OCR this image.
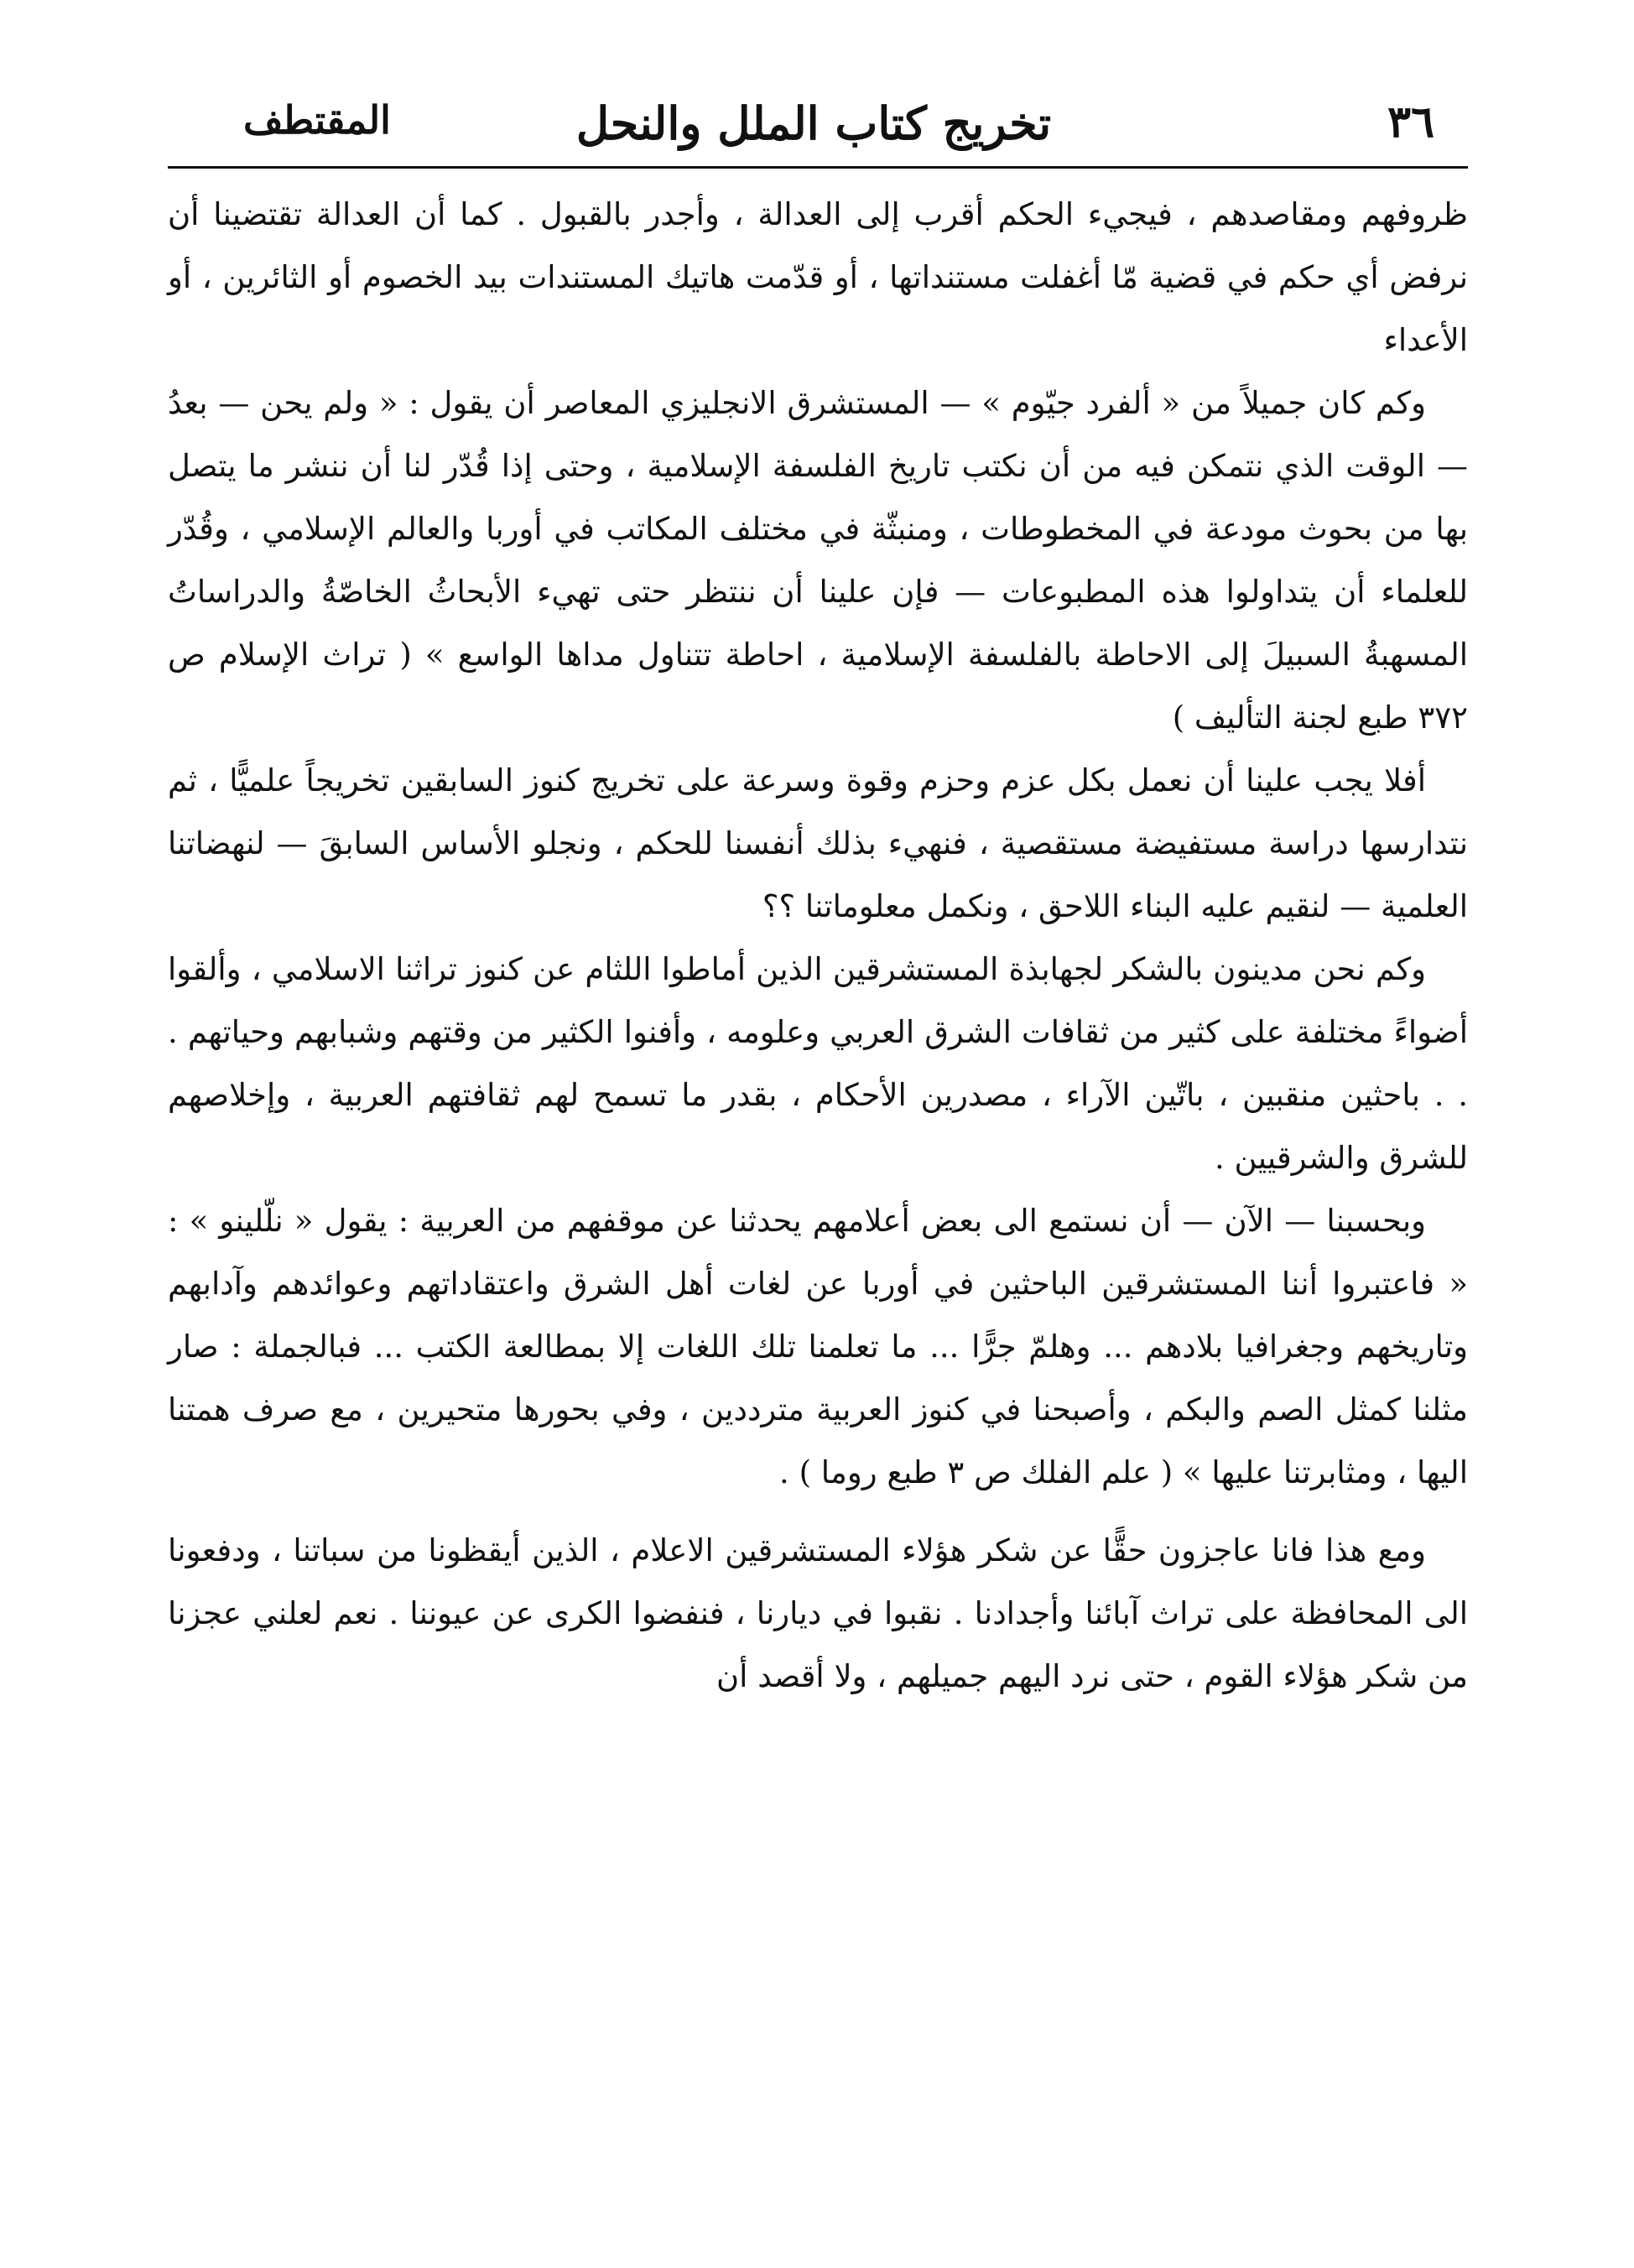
٣٦
تخريج كتاب الملل والنحل
المقتطف

ظروفهم ومقاصدهم ، فيجيء الحكم أقرب إلى العدالة ، وأجدر بالقبول . كما أن العدالة تقتضينا أن نرفض أي حكم في قضية مّا أغفلت مستنداتها ، أو قدّمت هاتيك المستندات بيد الخصوم أو الثائرين ، أو الأعداء

وكم كان جميلاً من « ألفرد جيّوم » — المستشرق الانجليزي المعاصر أن يقول : « ولم يحن — بعدُ — الوقت الذي نتمكن فيه من أن نكتب تاريخ الفلسفة الإسلامية ، وحتى إذا قُدّر لنا أن ننشر ما يتصل بها من بحوث مودعة في المخطوطات ، ومنبثّة في مختلف المكاتب في أوربا والعالم الإسلامي ، وقُدّر للعلماء أن يتداولوا هذه المطبوعات — فإن علينا أن ننتظر حتى تهيء الأبحاثُ الخاصّةُ والدراساتُ المسهبةُ السبيلَ إلى الاحاطة بالفلسفة الإسلامية ، احاطة تتناول مداها الواسع » ( تراث الإسلام ص ٣٧٢ طبع لجنة التأليف )

أفلا يجب علينا أن نعمل بكل عزم وحزم وقوة وسرعة على تخريج كنوز السابقين تخريجاً علميًّا ، ثم نتدارسها دراسة مستفيضة مستقصية ، فنهيء بذلك أنفسنا للحكم ، ونجلو الأساس السابقَ — لنهضاتنا العلمية — لنقيم عليه البناء اللاحق ، ونكمل معلوماتنا ؟؟

وكم نحن مدينون بالشكر لجهابذة المستشرقين الذين أماطوا اللثام عن كنوز تراثنا الاسلامي ، وألقوا أضواءً مختلفة على كثير من ثقافات الشرق العربي وعلومه ، وأفنوا الكثير من وقتهم وشبابهم وحياتهم . . . باحثين منقبين ، باتّين الآراء ، مصدرين الأحكام ، بقدر ما تسمح لهم ثقافتهم العربية ، وإخلاصهم للشرق والشرقيين .

وبحسبنا — الآن — أن نستمع الى بعض أعلامهم يحدثنا عن موقفهم من العربية : يقول « نلّلينو » : « فاعتبروا أننا المستشرقين الباحثين في أوربا عن لغات أهل الشرق واعتقاداتهم وعوائدهم وآدابهم وتاريخهم وجغرافيا بلادهم ... وهلمّ جرًّا ... ما تعلمنا تلك اللغات إلا بمطالعة الكتب ... فبالجملة : صار مثلنا كمثل الصم والبكم ، وأصبحنا في كنوز العربية مترددين ، وفي بحورها متحيرين ، مع صرف همتنا اليها ، ومثابرتنا عليها » ( علم الفلك ص ٣ طبع روما ) .

ومع هذا فانا عاجزون حقًّا عن شكر هؤلاء المستشرقين الاعلام ، الذين أيقظونا من سباتنا ، ودفعونا الى المحافظة على تراث آبائنا وأجدادنا . نقبوا في ديارنا ، فنفضوا الكرى عن عيوننا . نعم لعلني عجزنا من شكر هؤلاء القوم ، حتى نرد اليهم جميلهم ، ولا أقصد أن
